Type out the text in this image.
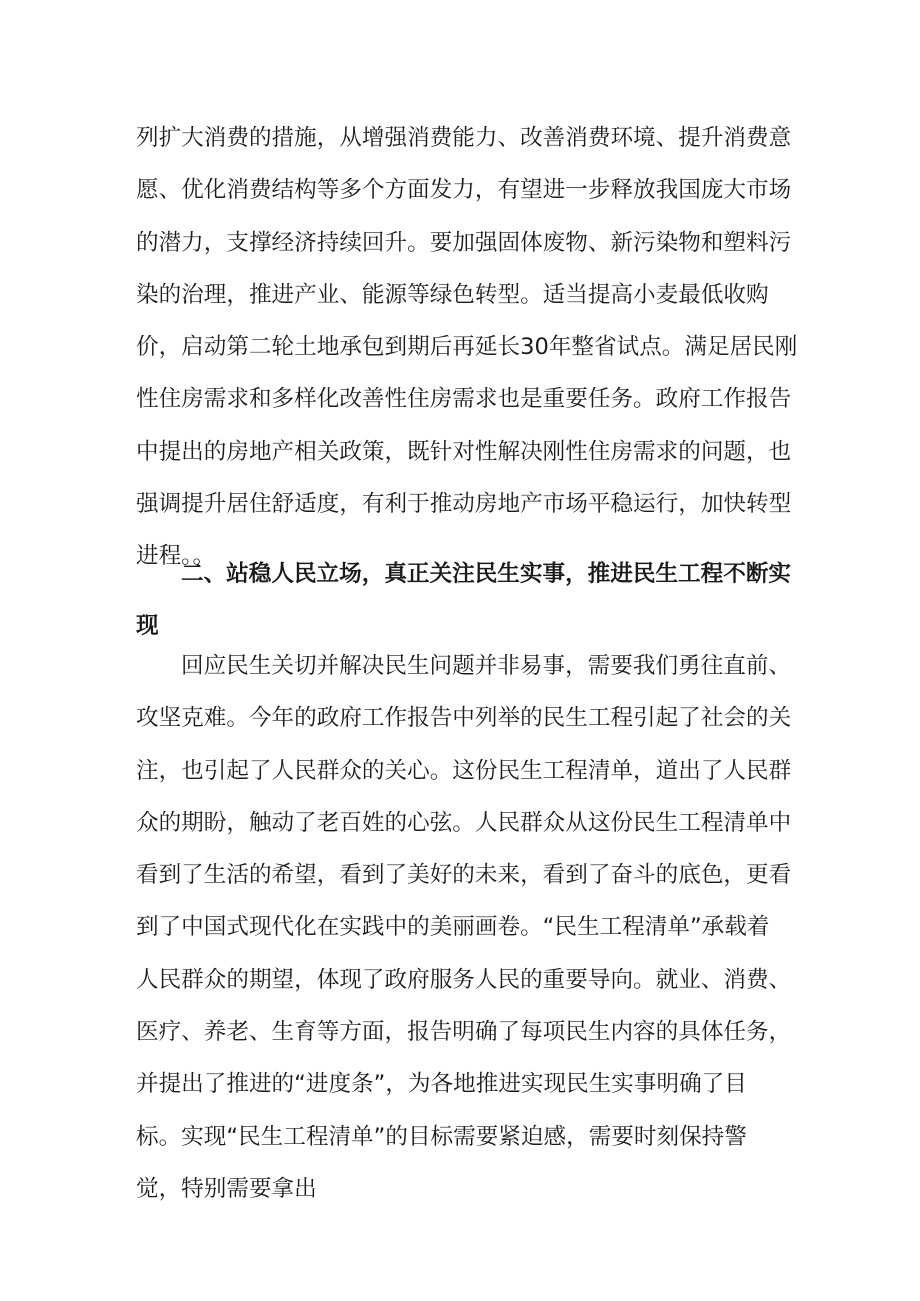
列扩大消费的措施，从增强消费能力、改善消费环境、提升消费意
愿、优化消费结构等多个方面发力，有望进一步释放我国庞大市场
的潜力，支撑经济持续回升。要加强固体废物、新污染物和塑料污
染的治理，推进产业、能源等绿色转型。适当提高小麦最低收购
价，启动第二轮土地承包到期后再延长30年整省试点。满足居民刚
性住房需求和多样化改善性住房需求也是重要任务。政府工作报告
中提出的房地产相关政策，既针对性解决刚性住房需求的问题，也
强调提升居住舒适度，有利于推动房地产市场平稳运行，加快转型
进程。。
二、站稳人民立场，真正关注民生实事，推进民生工程不断实
现
回应民生关切并解决民生问题并非易事，需要我们勇往直前、
攻坚克难。今年的政府工作报告中列举的民生工程引起了社会的关
注，也引起了人民群众的关心。这份民生工程清单，道出了人民群
众的期盼，触动了老百姓的心弦。人民群众从这份民生工程清单中
看到了生活的希望，看到了美好的未来，看到了奋斗的底色，更看
到了中国式现代化在实践中的美丽画卷。“民生工程清单”承载着
人民群众的期望，体现了政府服务人民的重要导向。就业、消费、
医疗、养老、生育等方面，报告明确了每项民生内容的具体任务，
并提出了推进的“进度条”，为各地推进实现民生实事明确了目
标。实现“民生工程清单”的目标需要紧迫感，需要时刻保持警
觉，特别需要拿出
